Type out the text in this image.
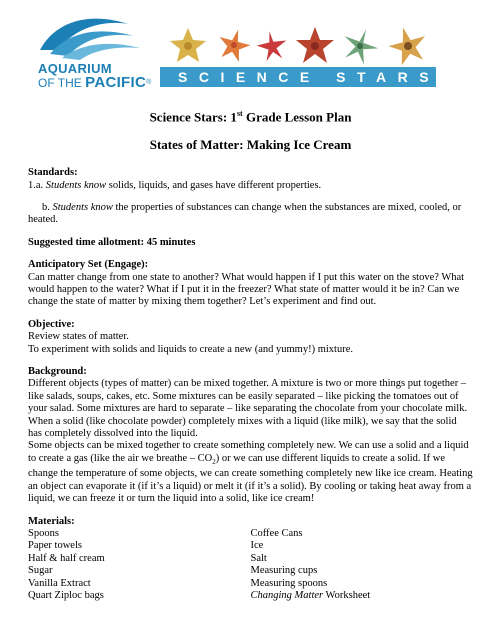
AQUARIUM
OF THE PACIFIC® SCIENCE STARS

Science Stars: 1st Grade Lesson Plan

States of Matter: Making Ice Cream

Standards:

1.a. Students know solids, liquids, and gases have different properties.

b. Students know the properties of substances can change when the substances are mixed, cooled, or heated.

Suggested time allotment: 45 minutes

Anticipatory Set (Engage):

Can matter change from one state to another? What would happen if I put this water on the stove? What would happen to the water? What if I put it in the freezer? What state of matter would it be in? Can we change the state of matter by mixing them together? Let’s experiment and find out.

Objective:

Review states of matter.

To experiment with solids and liquids to create a new (and yummy!) mixture.

Background:

Different objects (types of matter) can be mixed together. A mixture is two or more things put together – like salads, soups, cakes, etc. Some mixtures can be easily separated – like picking the tomatoes out of your salad. Some mixtures are hard to separate – like separating the chocolate from your chocolate milk. When a solid (like chocolate powder) completely mixes with a liquid (like milk), we say that the solid has completely dissolved into the liquid.

Some objects can be mixed together to create something completely new. We can use a solid and a liquid to create a gas (like the air we breathe – $CO_2$) or we can use different liquids to create a solid. If we change the temperature of some objects, we can create something completely new like ice cream. Heating an object can evaporate it (if it’s a liquid) or melt it (if it’s a solid). By cooling or taking heat away from a liquid, we can freeze it or turn the liquid into a solid, like ice cream!

Materials:

Spoons
Paper towels
Half & half cream
Sugar
Vanilla Extract
Quart Ziploc bags
Coffee Cans
Ice
Salt
Measuring cups
Measuring spoons
Changing Matter Worksheet
